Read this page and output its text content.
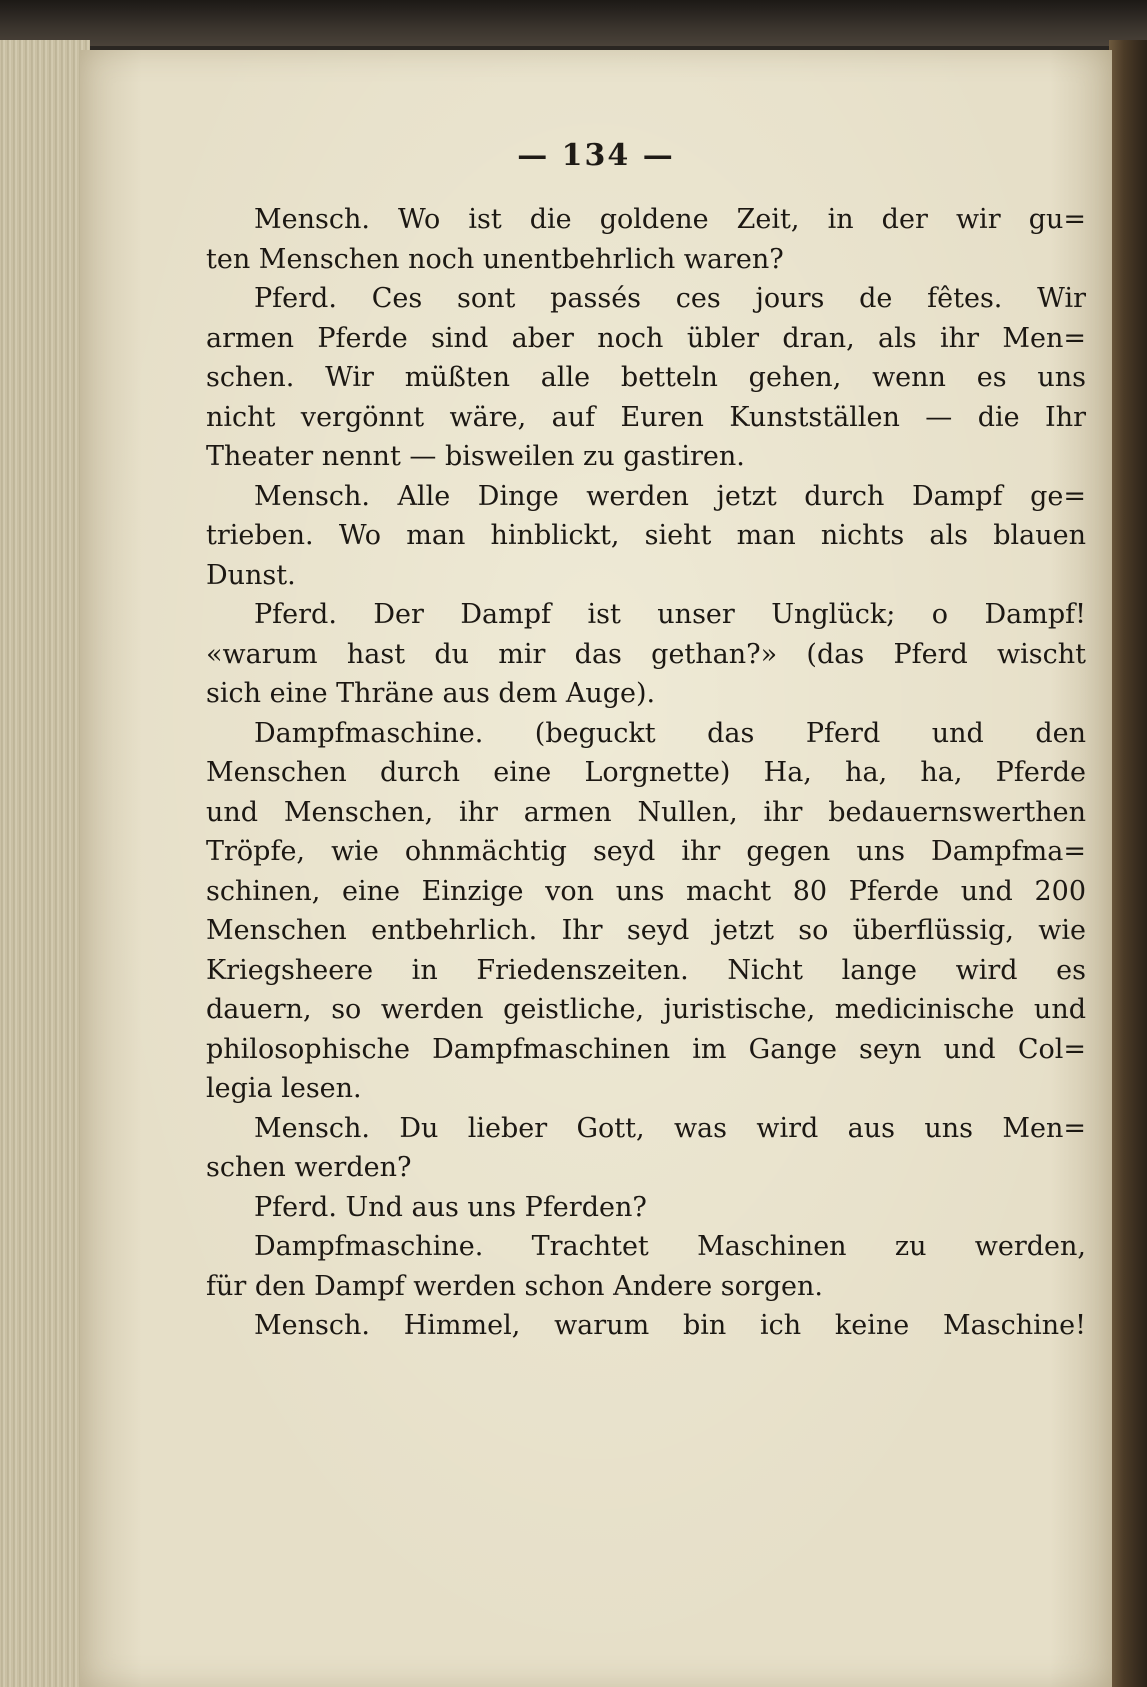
— 134 —
Mensch. Wo ist die goldene Zeit, in der wir gu=
ten Menschen noch unentbehrlich waren?
Pferd. Ces sont passés ces jours de fêtes. Wir
armen Pferde sind aber noch übler dran, als ihr Men=
schen. Wir müßten alle betteln gehen, wenn es uns
nicht vergönnt wäre, auf Euren Kunstställen — die Ihr
Theater nennt — bisweilen zu gastiren.
Mensch. Alle Dinge werden jetzt durch Dampf ge=
trieben. Wo man hinblickt, sieht man nichts als blauen
Dunst.
Pferd. Der Dampf ist unser Unglück; o Dampf!
«warum hast du mir das gethan?» (das Pferd wischt
sich eine Thräne aus dem Auge).
Dampfmaschine. (beguckt das Pferd und den
Menschen durch eine Lorgnette) Ha, ha, ha, Pferde
und Menschen, ihr armen Nullen, ihr bedauernswerthen
Tröpfe, wie ohnmächtig seyd ihr gegen uns Dampfma=
schinen, eine Einzige von uns macht 80 Pferde und 200
Menschen entbehrlich. Ihr seyd jetzt so überflüssig, wie
Kriegsheere in Friedenszeiten. Nicht lange wird es
dauern, so werden geistliche, juristische, medicinische und
philosophische Dampfmaschinen im Gange seyn und Col=
legia lesen.
Mensch. Du lieber Gott, was wird aus uns Men=
schen werden?
Pferd. Und aus uns Pferden?
Dampfmaschine. Trachtet Maschinen zu werden,
für den Dampf werden schon Andere sorgen.
Mensch. Himmel, warum bin ich keine Maschine!
